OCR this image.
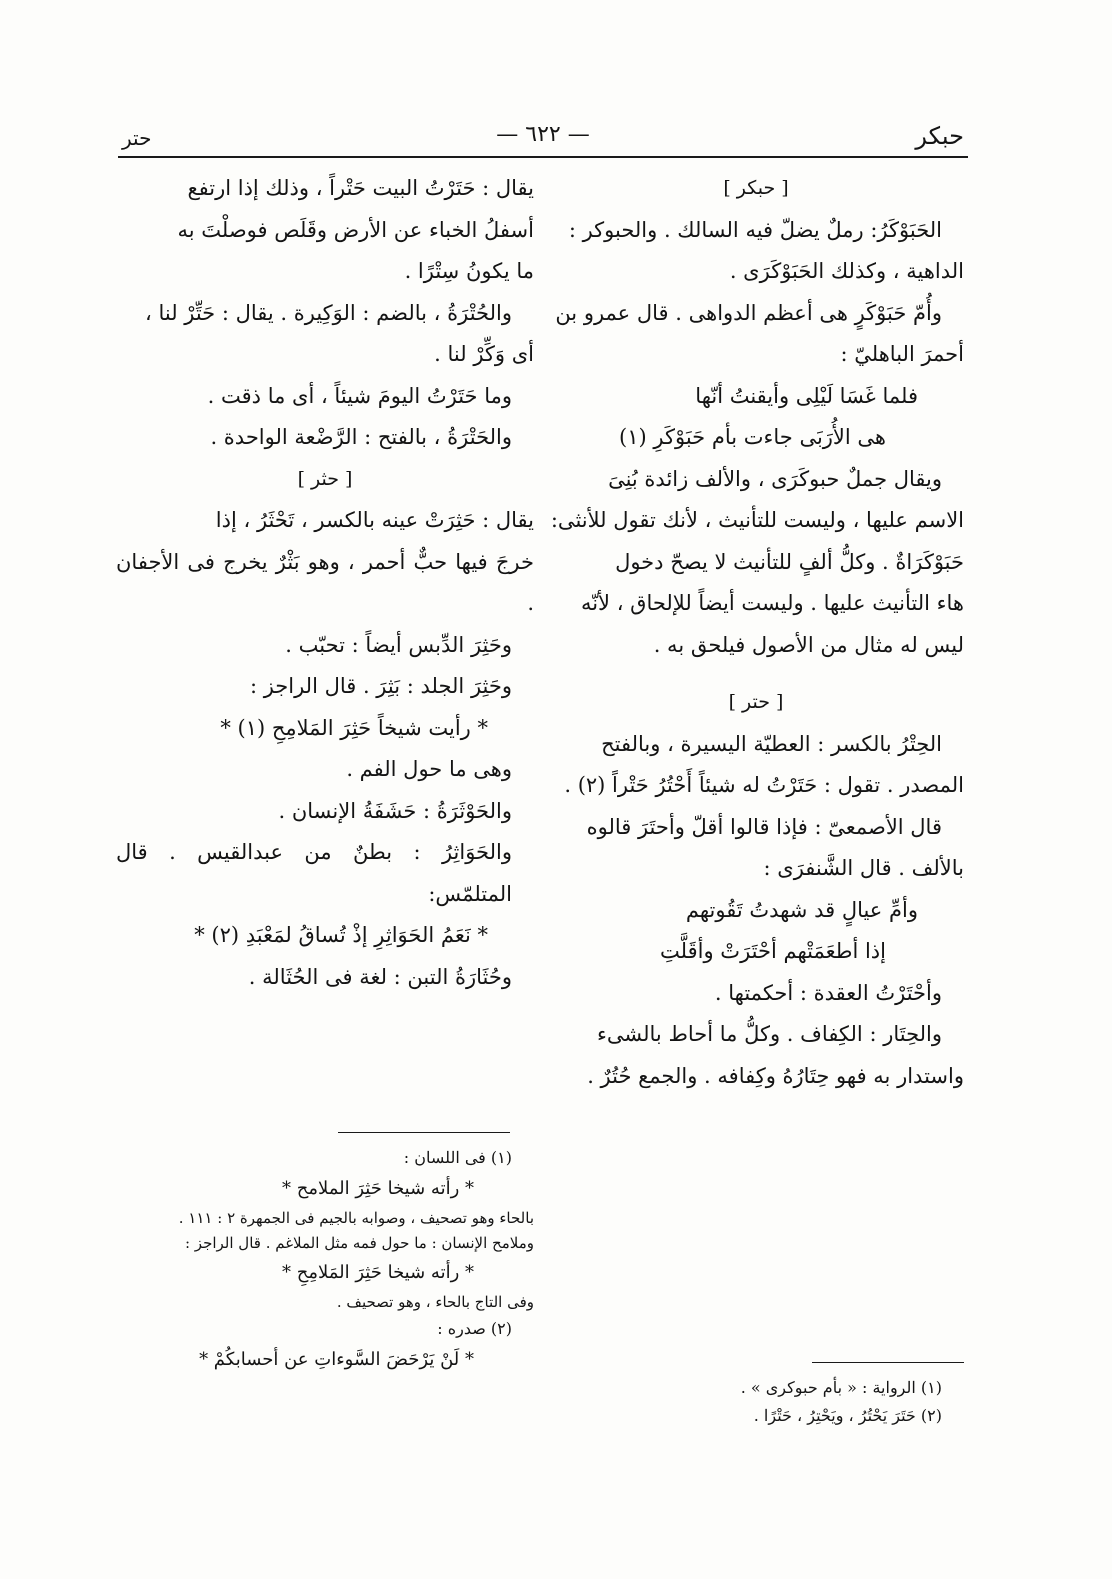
حبكر
— ٦٢٢ —
حتر

[ حبكر ]

الحَبَوْكَرُ: رملٌ يضلّ فيه السالك . والحبوكر :

الداهية ، وكذلك الحَبَوْكَرَى .

وأُمّ حَبَوْكَرٍ هى أعظم الدواهى . قال عمرو بن

أحمرَ الباهليّ :

فلما غَسَا لَيْلِى وأيقنتُ أنّها

هى الأُرَبَى جاءت بأم حَبَوْكَرِ (١)

ويقال جملٌ حبوكَرَى ، والألف زائدة بُنِىَ

الاسم عليها ، وليست للتأنيث ، لأنك تقول للأنثى:

حَبَوْكَرَاةٌ . وكلُّ ألفٍ للتأنيث لا يصحّ دخول

هاء التأنيث عليها . وليست أيضاً للإلحاق ، لأنّه

ليس له مثال من الأصول فيلحق به .

[ حتر ]

الحِتْرُ بالكسر : العطيّة اليسيرة ، وبالفتح

المصدر . تقول : حَتَرْتُ له شيئاً أَحْتُرُ حَتْراً (٢) .

قال الأصمعىّ : فإذا قالوا أقلّ وأحتَرَ قالوه

بالألف . قال الشَّنفرَى :

وأمِّ عيالٍ قد شهدتُ تَقُوتهم

إذا أطعَمَتْهم أحْتَرَتْ وأقَلَّتِ

وأحْتَرْتُ العقدة : أحكمتها .

والحِتَار : الكِفاف . وكلُّ ما أحاط بالشىء

واستدار به فهو حِتَارُهُ وكِفافه . والجمع حُتُرٌ .

يقال : حَتَرْتُ البيت حَتْراً ، وذلك إذا ارتفع

أسفلُ الخباء عن الأرض وقَلَص فوصلْتَ به

ما يكونُ سِتْرًا .

والحُتْرَةُ ، بالضم : الوَكِيرة . يقال : حَتِّرْ لنا ،

أى وَكِّرْ لنا .

وما حَتَرْتُ اليومَ شيئاً ، أى ما ذقت .

والحَتْرَةُ ، بالفتح : الرَّضْعة الواحدة .

[ حثر ]

يقال : حَثِرَتْ عينه بالكسر ، تَحْثَرُ ، إذا

خرجَ فيها حبٌّ أحمر ، وهو بَثْرٌ يخرج فى الأجفان .

وحَثِرَ الدِّبس أيضاً : تحبّب .

وحَثِرَ الجلد : بَثِرَ . قال الراجز :

* رأيت شيخاً حَثِرَ المَلامِحِ (١) *

وهى ما حول الفم .

والحَوْثَرَةُ : حَشَفَةُ الإنسان .

والحَوَاثِرُ : بطنٌ من عبدالقيس . قال المتلمّس:

* نَعَمُ الحَوَاثِرِ إذْ تُساقُ لمَعْبَدِ (٢) *

وحُثَارَةُ التبن : لغة فى الحُثَالة .

(١) الرواية : « بأم حبوكرى » .

(٢) حَتَرَ يَحْتُرُ ، ويَحْتِرُ ، حَتْرًا .

(١) فى اللسان :

* رأته شيخا حَثِرَ الملامح *

بالحاء وهو تصحيف ، وصوابه بالجيم فى الجمهرة ٢ : ١١١ .

وملامح الإنسان : ما حول فمه مثل الملاغم . قال الراجز :

* رأته شيخا حَثِرَ المَلامِحِ *

وفى التاج بالحاء ، وهو تصحيف .

(٢) صدره :

* لَنْ يَرْحَضَ السَّوءاتِ عن أحسابكُمْ *
